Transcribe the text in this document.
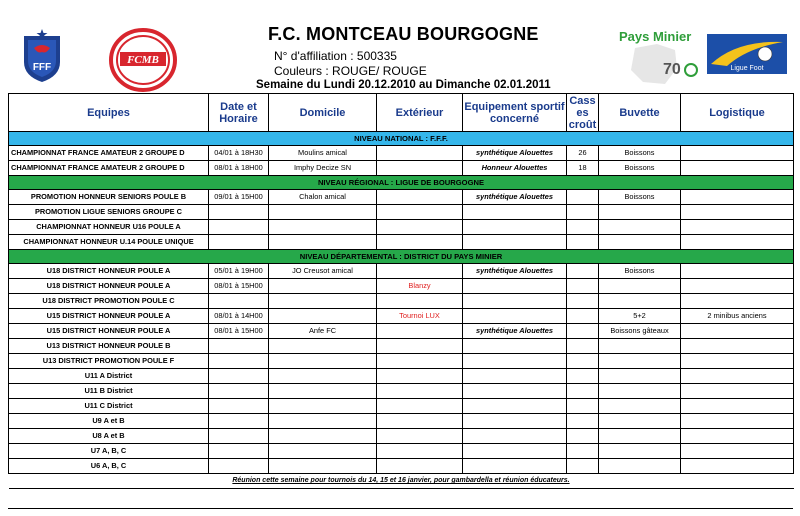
FFF
FCMB
Pays Minier
70	Ligue Foot
F.C. MONTCEAU BOURGOGNE
N° d'affiliation : 500335
Couleurs : ROUGE/ ROUGE
Semaine du Lundi 20.12.2010 au Dimanche 02.01.2011
Equipes	Date et Horaire	Domicile	Extérieur	Equipement sportif concerné	Cass es croût	Buvette	Logistique
NIVEAU NATIONAL : F.F.F.							
CHAMPIONNAT FRANCE AMATEUR 2 GROUPE D	04/01 à 18H30	Moulins amical		synthétique Alouettes	26	Boissons	
CHAMPIONNAT FRANCE AMATEUR 2 GROUPE D	08/01 à 18H00	Imphy Decize SN		Honneur Alouettes	18	Boissons	
NIVEAU RÉGIONAL : LIGUE DE BOURGOGNE							
PROMOTION HONNEUR SENIORS POULE B	09/01 à 15H00	Chalon amical		synthétique Alouettes		Boissons	
PROMOTION LIGUE SENIORS GROUPE C							
CHAMPIONNAT HONNEUR U16 POULE A							
CHAMPIONNAT HONNEUR U.14 POULE UNIQUE							
NIVEAU DÉPARTEMENTAL : DISTRICT DU PAYS MINIER							
U18 DISTRICT HONNEUR POULE A	05/01 à 19H00	JO Creusot amical		synthétique Alouettes		Boissons	
U18 DISTRICT HONNEUR POULE A	08/01 à 15H00		Blanzy				
U18 DISTRICT PROMOTION POULE C							
U15 DISTRICT HONNEUR POULE A	08/01 à 14H00		Tournoi LUX			5+2	2 minibus anciens
U15 DISTRICT HONNEUR POULE A	08/01 à 15H00	Anfe FC		synthétique Alouettes		Boissons gâteaux	
U13 DISTRICT HONNEUR POULE B							
U13 DISTRICT PROMOTION POULE F							
U11 A District							
U11 B District							
U11 C District							
U9 A et B							
U8 A et B							
U7 A, B, C							
U6 A, B, C							
Réunion cette semaine pour tournois du 14, 15 et 16 janvier, pour gambardella et réunion éducateurs.							
